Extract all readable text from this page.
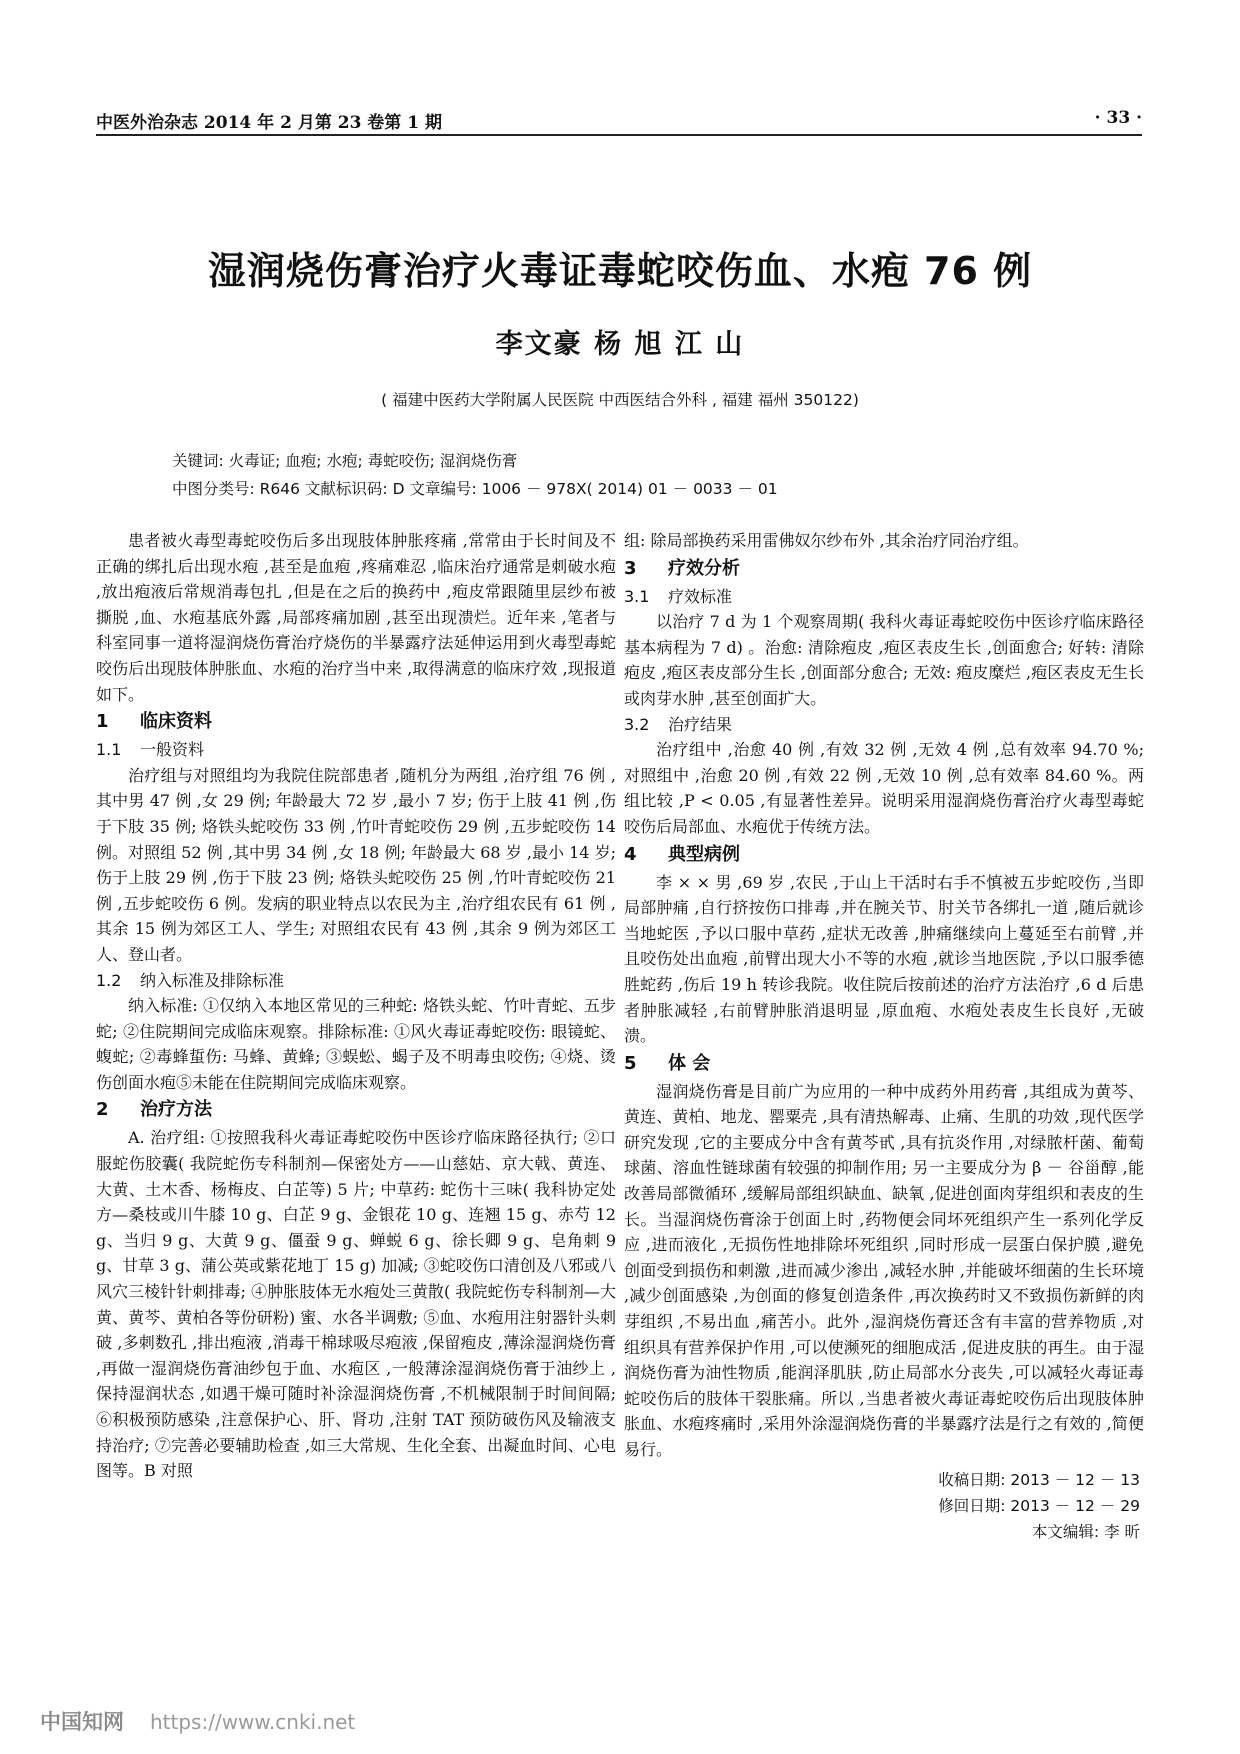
中医外治杂志 2014 年 2 月第 23 卷第 1 期	· 33 ·
湿润烧伤膏治疗火毒证毒蛇咬伤血、水疱 76 例
李文豪 杨 旭 江 山
( 福建中医药大学附属人民医院 中西医结合外科 , 福建 福州 350122)
关键词: 火毒证; 血疱; 水疱; 毒蛇咬伤; 湿润烧伤膏
中图分类号: R646 文献标识码: D 文章编号: 1006 － 978X( 2014) 01 － 0033 － 01

患者被火毒型毒蛇咬伤后多出现肢体肿胀疼痛 ,常常由于长时间及不正确的绑扎后出现水疱 ,甚至是血疱 ,疼痛难忍 ,临床治疗通常是刺破水疱 ,放出疱液后常规消毒包扎 ,但是在之后的换药中 ,疱皮常跟随里层纱布被撕脱 ,血、水疱基底外露 ,局部疼痛加剧 ,甚至出现溃烂。近年来 ,笔者与科室同事一道将湿润烧伤膏治疗烧伤的半暴露疗法延伸运用到火毒型毒蛇咬伤后出现肢体肿胀血、水疱的治疗当中来 ,取得满意的临床疗效 ,现报道如下。

1 临床资料
1.1 一般资料

治疗组与对照组均为我院住院部患者 ,随机分为两组 ,治疗组 76 例 ,其中男 47 例 ,女 29 例; 年龄最大 72 岁 ,最小 7 岁; 伤于上肢 41 例 ,伤于下肢 35 例; 烙铁头蛇咬伤 33 例 ,竹叶青蛇咬伤 29 例 ,五步蛇咬伤 14 例。对照组 52 例 ,其中男 34 例 ,女 18 例; 年龄最大 68 岁 ,最小 14 岁; 伤于上肢 29 例 ,伤于下肢 23 例; 烙铁头蛇咬伤 25 例 ,竹叶青蛇咬伤 21 例 ,五步蛇咬伤 6 例。发病的职业特点以农民为主 ,治疗组农民有 61 例 ,其余 15 例为郊区工人、学生; 对照组农民有 43 例 ,其余 9 例为郊区工人、登山者。

1.2 纳入标准及排除标准

纳入标准: ①仅纳入本地区常见的三种蛇: 烙铁头蛇、竹叶青蛇、五步蛇; ②住院期间完成临床观察。排除标准: ①风火毒证毒蛇咬伤: 眼镜蛇、蝮蛇; ②毒蜂蜇伤: 马蜂、黄蜂; ③蜈蚣、蝎子及不明毒虫咬伤; ④烧、烫伤创面水疱⑤未能在住院期间完成临床观察。

2 治疗方法

A. 治疗组: ①按照我科火毒证毒蛇咬伤中医诊疗临床路径执行; ②口服蛇伤胶囊( 我院蛇伤专科制剂—保密处方——山慈姑、京大戟、黄连、大黄、土木香、杨梅皮、白芷等) 5 片; 中草药: 蛇伤十三味( 我科协定处方—桑枝或川牛膝 10 g、白芷 9 g、金银花 10 g、连翘 15 g、赤芍 12 g、当归 9 g、大黄 9 g、僵蚕 9 g、蝉蜕 6 g、徐长卿 9 g、皂角刺 9 g、甘草 3 g、蒲公英或紫花地丁 15 g) 加减; ③蛇咬伤口清创及八邪或八风穴三棱针针刺排毒; ④肿胀肢体无水疱处三黄散( 我院蛇伤专科制剂—大黄、黄芩、黄柏各等份研粉) 蜜、水各半调敷; ⑤血、水疱用注射器针头刺破 ,多刺数孔 ,排出疱液 ,消毒干棉球吸尽疱液 ,保留疱皮 ,薄涂湿润烧伤膏 ,再做一湿润烧伤膏油纱包于血、水疱区 ,一般薄涂湿润烧伤膏于油纱上 ,保持湿润状态 ,如遇干燥可随时补涂湿润烧伤膏 ,不机械限制于时间间隔; ⑥积极预防感染 ,注意保护心、肝、肾功 ,注射 TAT 预防破伤风及输液支持治疗; ⑦完善必要辅助检查 ,如三大常规、生化全套、出凝血时间、心电图等。B 对照

组: 除局部换药采用雷佛奴尔纱布外 ,其余治疗同治疗组。

3 疗效分析
3.1 疗效标准

以治疗 7 d 为 1 个观察周期( 我科火毒证毒蛇咬伤中医诊疗临床路径基本病程为 7 d) 。治愈: 清除疱皮 ,疱区表皮生长 ,创面愈合; 好转: 清除疱皮 ,疱区表皮部分生长 ,创面部分愈合; 无效: 疱皮糜烂 ,疱区表皮无生长或肉芽水肿 ,甚至创面扩大。

3.2 治疗结果

治疗组中 ,治愈 40 例 ,有效 32 例 ,无效 4 例 ,总有效率 94.70 %; 对照组中 ,治愈 20 例 ,有效 22 例 ,无效 10 例 ,总有效率 84.60 %。两组比较 ,P < 0.05 ,有显著性差异。说明采用湿润烧伤膏治疗火毒型毒蛇咬伤后局部血、水疱优于传统方法。

4 典型病例

李 × × 男 ,69 岁 ,农民 ,于山上干活时右手不慎被五步蛇咬伤 ,当即局部肿痛 ,自行挤按伤口排毒 ,并在腕关节、肘关节各绑扎一道 ,随后就诊当地蛇医 ,予以口服中草药 ,症状无改善 ,肿痛继续向上蔓延至右前臂 ,并且咬伤处出血疱 ,前臂出现大小不等的水疱 ,就诊当地医院 ,予以口服季德胜蛇药 ,伤后 19 h 转诊我院。收住院后按前述的治疗方法治疗 ,6 d 后患者肿胀减轻 ,右前臂肿胀消退明显 ,原血疱、水疱处表皮生长良好 ,无破溃。

5 体 会

湿润烧伤膏是目前广为应用的一种中成药外用药膏 ,其组成为黄芩、黄连、黄柏、地龙、罂粟壳 ,具有清热解毒、止痛、生肌的功效 ,现代医学研究发现 ,它的主要成分中含有黄芩甙 ,具有抗炎作用 ,对绿脓杆菌、葡萄球菌、溶血性链球菌有较强的抑制作用; 另一主要成分为 β － 谷甾醇 ,能改善局部微循环 ,缓解局部组织缺血、缺氧 ,促进创面肉芽组织和表皮的生长。当湿润烧伤膏涂于创面上时 ,药物便会同坏死组织产生一系列化学反应 ,进而液化 ,无损伤性地排除坏死组织 ,同时形成一层蛋白保护膜 ,避免创面受到损伤和刺激 ,进而减少渗出 ,减轻水肿 ,并能破坏细菌的生长环境 ,减少创面感染 ,为创面的修复创造条件 ,再次换药时又不致损伤新鲜的肉芽组织 ,不易出血 ,痛苦小。此外 ,湿润烧伤膏还含有丰富的营养物质 ,对组织具有营养保护作用 ,可以使濒死的细胞成活 ,促进皮肤的再生。由于湿润烧伤膏为油性物质 ,能润泽肌肤 ,防止局部水分丧失 ,可以减轻火毒证毒蛇咬伤后的肢体干裂胀痛。所以 ,当患者被火毒证毒蛇咬伤后出现肢体肿胀血、水疱疼痛时 ,采用外涂湿润烧伤膏的半暴露疗法是行之有效的 ,简便易行。

收稿日期: 2013 － 12 － 13
修回日期: 2013 － 12 － 29
本文编辑: 李 昕
中国知网 https://www.cnki.net
